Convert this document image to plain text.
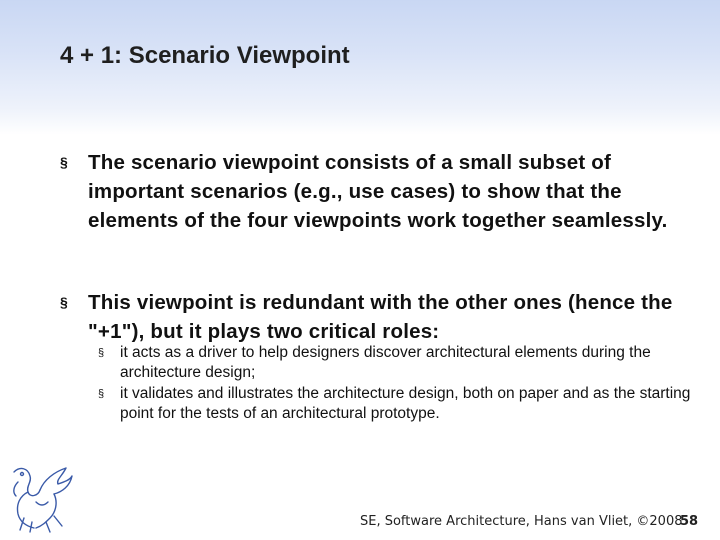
4 + 1: Scenario Viewpoint
§ The scenario viewpoint consists of a small subset of important scenarios (e.g., use cases) to show that the elements of the four viewpoints work together seamlessly.
§ This viewpoint is redundant with the other ones (hence the "+1"), but it plays two critical roles:
§	it acts as a driver to help designers discover architectural elements during the architecture design;
§	it validates and illustrates the architecture design, both on paper and as the starting point for the tests of an architectural prototype.
SE, Software Architecture, Hans van Vliet, ©2008
58
